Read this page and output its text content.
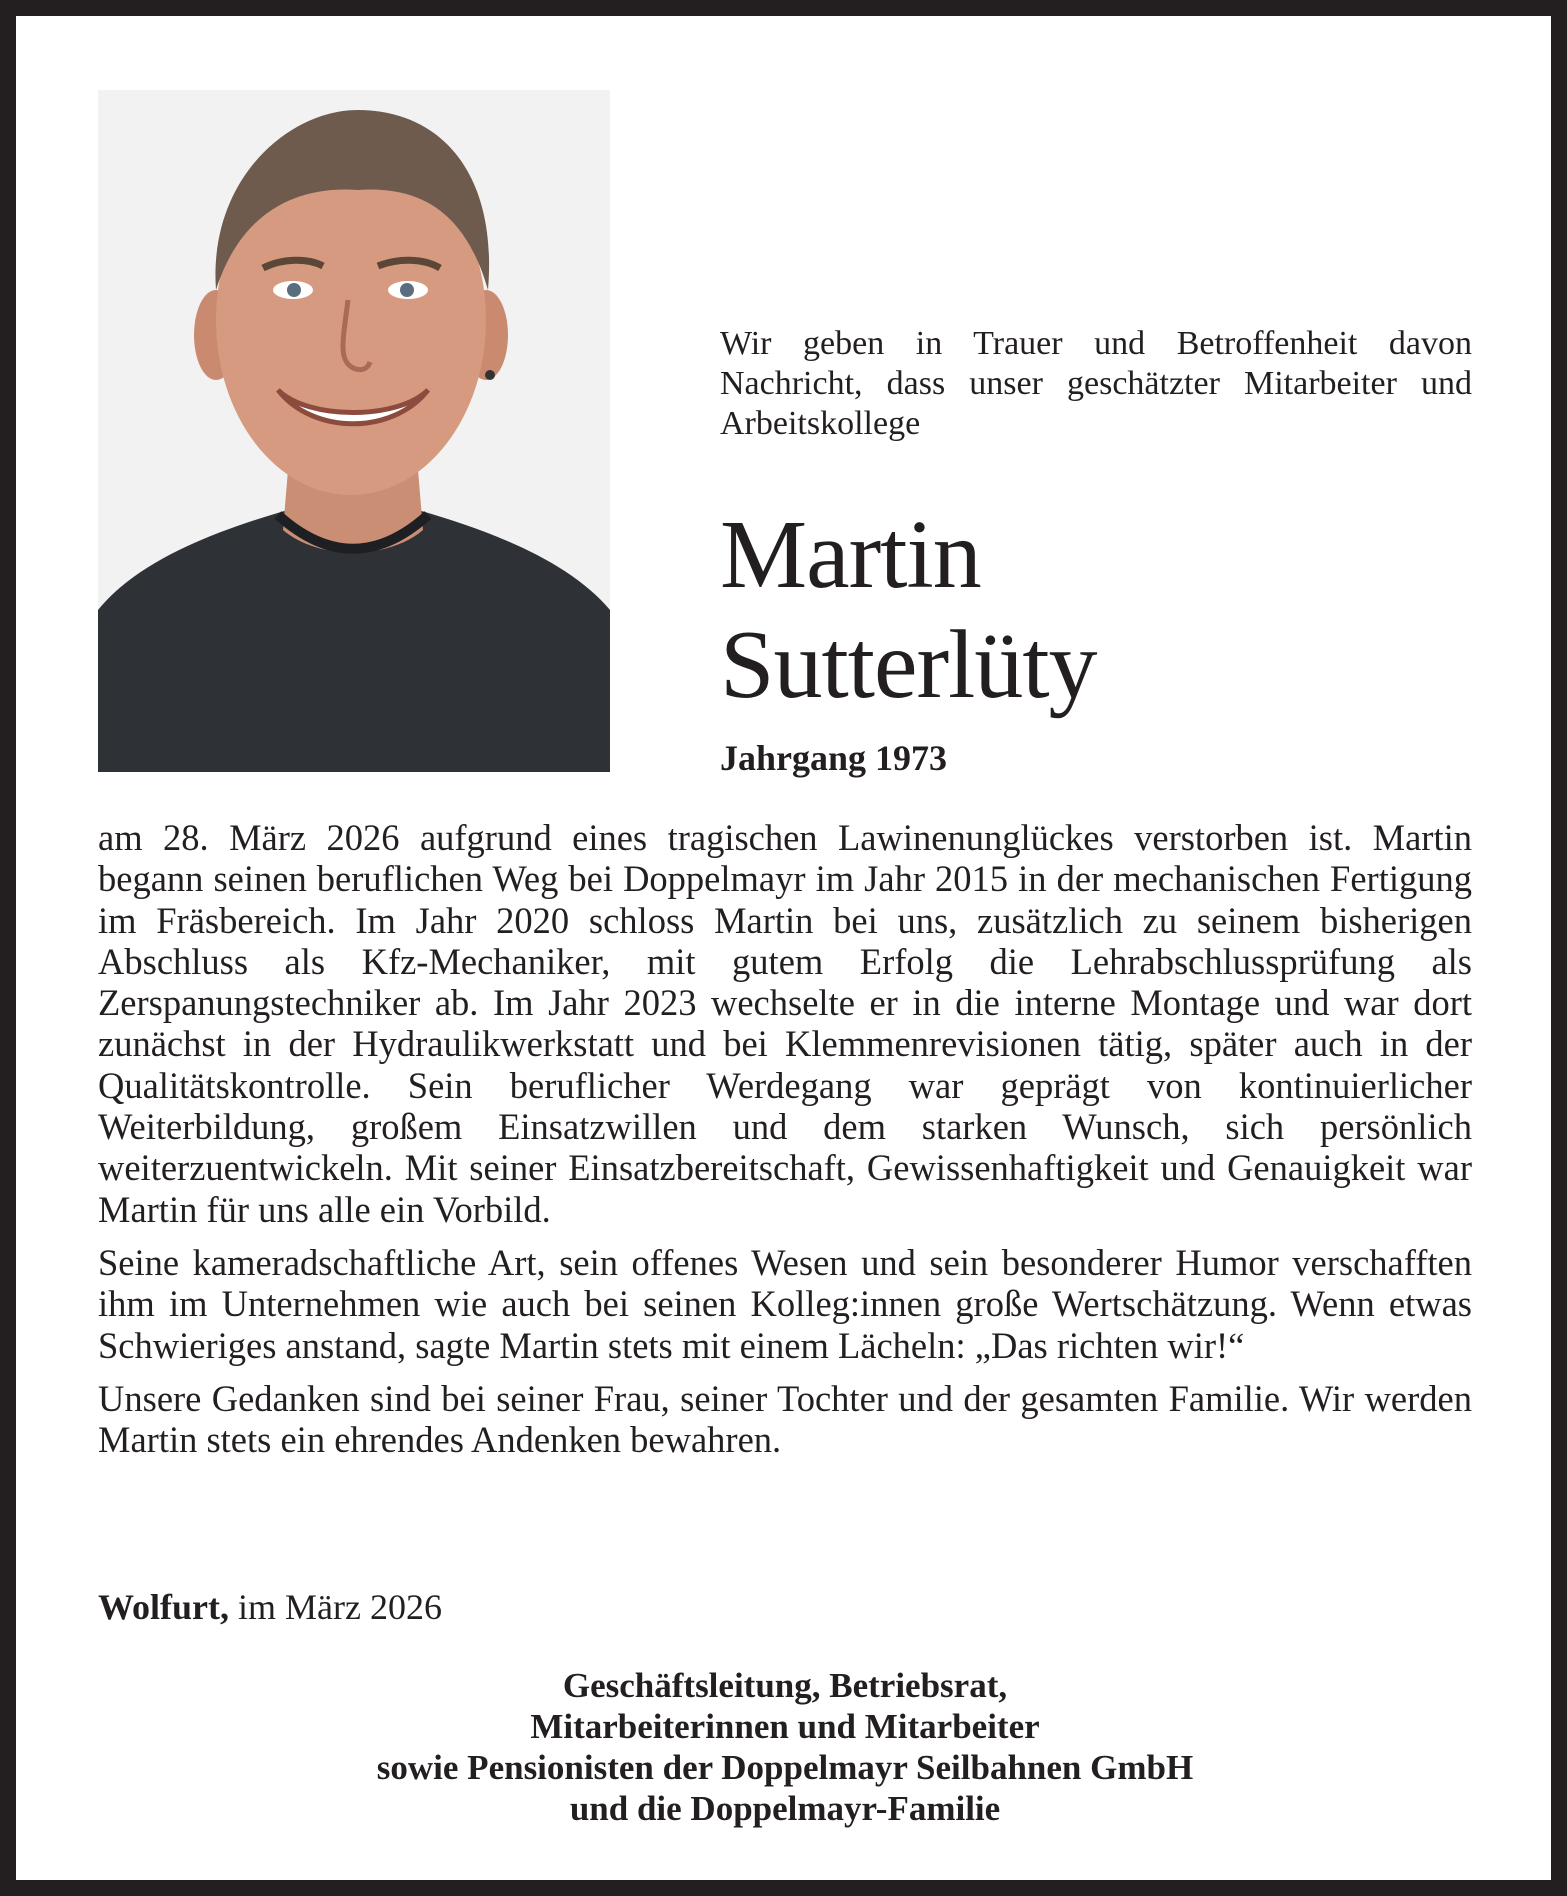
Wir geben in Trauer und Betroffenheit davon Nachricht, dass unser geschätzter Mitarbeiter und Arbeitskollege
Martin
Sutterlüty
Jahrgang 1973

am 28. März 2026 aufgrund eines tragischen Lawinenunglückes verstorben ist. Martin begann seinen beruflichen Weg bei Doppelmayr im Jahr 2015 in der mechanischen Fertigung im Fräsbereich. Im Jahr 2020 schloss Martin bei uns, zusätzlich zu seinem bisherigen Abschluss als Kfz-Mechaniker, mit gutem Erfolg die Lehrabschlussprüfung als Zerspanungstechniker ab. Im Jahr 2023 wechselte er in die interne Montage und war dort zunächst in der Hydraulikwerkstatt und bei Klemmenrevisionen tätig, später auch in der Qualitätskontrolle. Sein beruflicher Werdegang war geprägt von kontinuierlicher Weiterbildung, großem Einsatzwillen und dem starken Wunsch, sich persönlich weiterzuentwickeln. Mit seiner Einsatzbereitschaft, Gewissenhaftigkeit und Genauigkeit war Martin für uns alle ein Vorbild.

Seine kameradschaftliche Art, sein offenes Wesen und sein besonderer Humor verschafften ihm im Unternehmen wie auch bei seinen Kolleg:innen große Wertschätzung. Wenn etwas Schwieriges anstand, sagte Martin stets mit einem Lächeln: „Das richten wir!“

Unsere Gedanken sind bei seiner Frau, seiner Tochter und der gesamten Familie. Wir werden Martin stets ein ehrendes Andenken bewahren.

Wolfurt, im März 2026
Geschäftsleitung, Betriebsrat,
Mitarbeiterinnen und Mitarbeiter
sowie Pensionisten der Doppelmayr Seilbahnen GmbH
und die Doppelmayr-Familie
